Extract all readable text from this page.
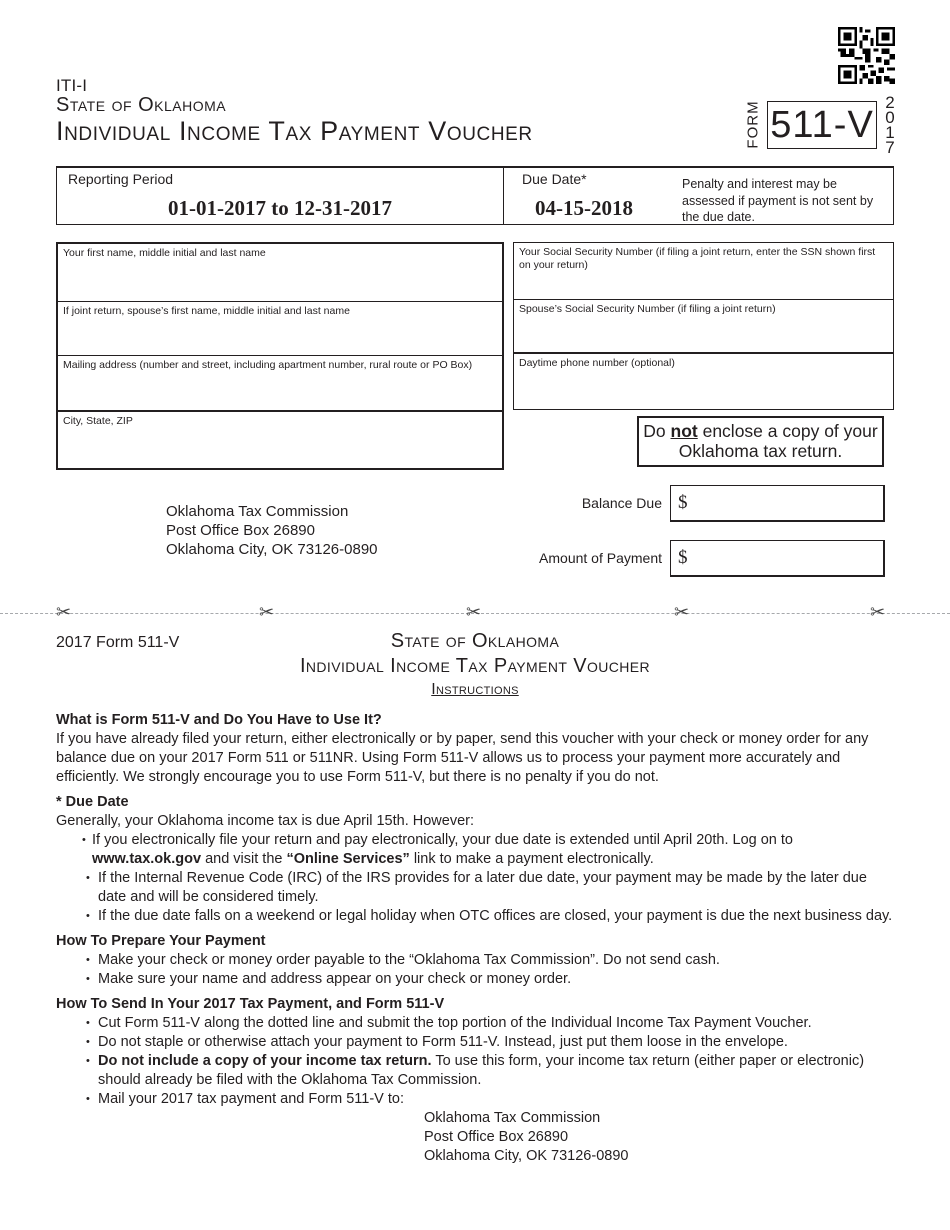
ITI-I
State of Oklahoma
Individual Income Tax Payment Voucher	FORM 511-V
2
0
1
7
Reporting Period
01-01-2017 to 12-31-2017
Due Date*
04-15-2018
Penalty and interest may be assessed if payment is not sent by the due date.
Your first name, middle initial and last name
If joint return, spouse’s first name, middle initial and last name
Mailing address (number and street, including apartment number, rural route or PO Box)
City, State, ZIP
Your Social Security Number (if filing a joint return, enter the SSN shown first on your return)
Spouse’s Social Security Number (if filing a joint return)
Daytime phone number (optional)
Do not enclose a copy of your Oklahoma tax return.
Oklahoma Tax Commission
Post Office Box 26890
Oklahoma City, OK 73126-0890
Balance Due $
Amount of Payment $
✂	✂	✂	✂	✂
2017 Form 511-V	State of Oklahoma
Individual Income Tax Payment Voucher
Instructions
What is Form 511-V and Do You Have to Use It?

If you have already filed your return, either electronically or by paper, send this voucher with your check or money order for any balance due on your 2017 Form 511 or 511NR. Using Form 511-V allows us to process your payment more accurately and efficiently. We strongly encourage you to use Form 511-V, but there is no penalty if you do not.

* Due Date

Generally, your Oklahoma income tax is due April 15th. However:

• If you electronically file your return and pay electronically, your due date is extended until April 20th. Log on to www.tax.ok.gov and visit the “Online Services” link to make a payment electronically.
• If the Internal Revenue Code (IRC) of the IRS provides for a later due date, your payment may be made by the later due date and will be considered timely.
• If the due date falls on a weekend or legal holiday when OTC offices are closed, your payment is due the next business day.
How To Prepare Your Payment
• Make your check or money order payable to the “Oklahoma Tax Commission”. Do not send cash.
• Make sure your name and address appear on your check or money order.
How To Send In Your 2017 Tax Payment, and Form 511-V
• Cut Form 511-V along the dotted line and submit the top portion of the Individual Income Tax Payment Voucher.
• Do not staple or otherwise attach your payment to Form 511-V. Instead, just put them loose in the envelope.
• Do not include a copy of your income tax return. To use this form, your income tax return (either paper or electronic) should already be filed with the Oklahoma Tax Commission.
• Mail your 2017 tax payment and Form 511-V to:
Oklahoma Tax Commission
Post Office Box 26890
Oklahoma City, OK 73126-0890
